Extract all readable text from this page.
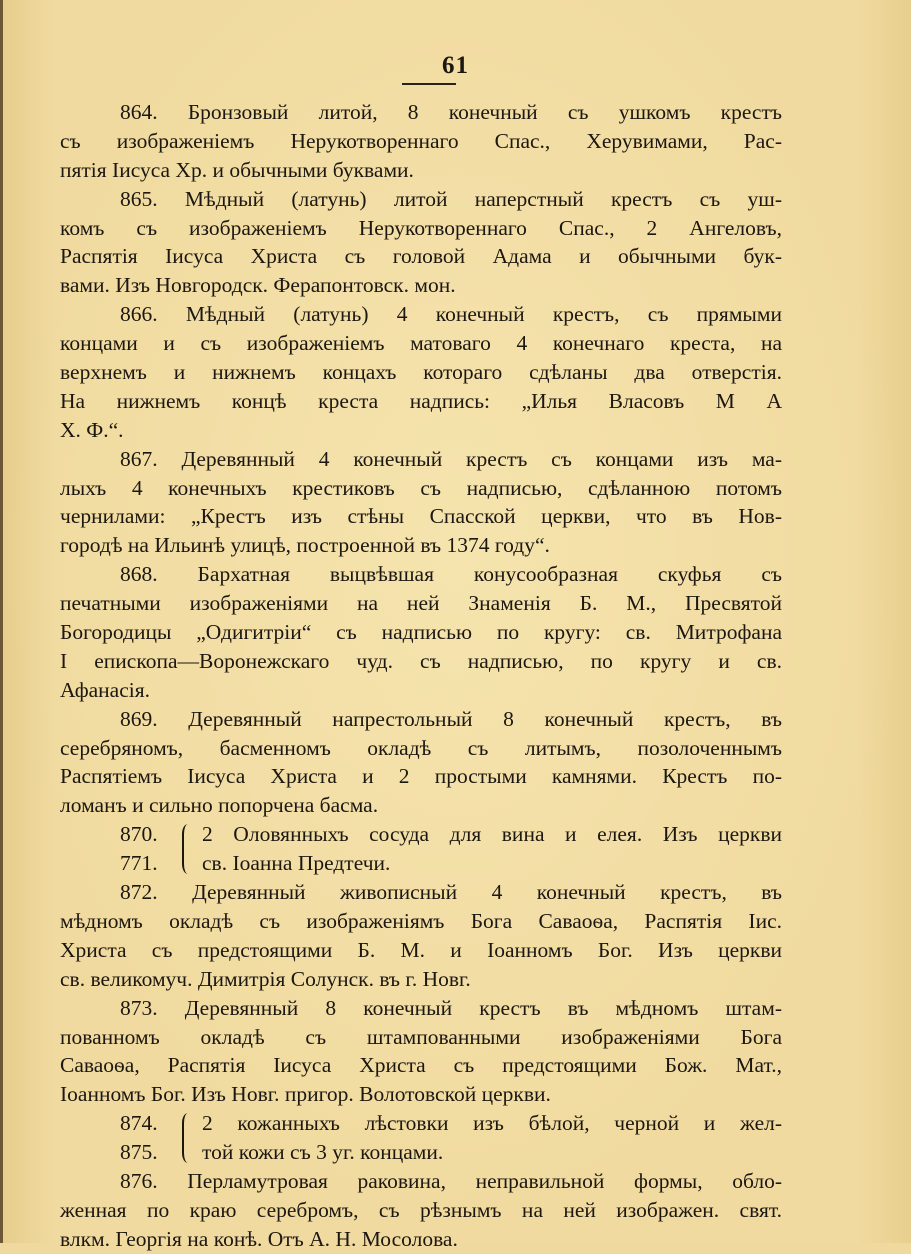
61
864. Бронзовый литой, 8 конечный съ ушкомъ крестъ
съ изображеніемъ Нерукотвореннаго Спас., Херувимами, Рас-
пятія Іисуса Хр. и обычными буквами.
865. Мѣдный (латунь) литой наперстный крестъ съ уш-
комъ съ изображеніемъ Нерукотвореннаго Спас., 2 Ангеловъ,
Распятія Іисуса Христа съ головой Адама и обычными бук-
вами. Изъ Новгородск. Ферапонтовск. мон.
866. Мѣдный (латунь) 4 конечный крестъ, съ прямыми
концами и съ изображеніемъ матоваго 4 конечнаго креста, на
верхнемъ и нижнемъ концахъ котораго сдѣланы два отверстія.
На нижнемъ концѣ креста надпись: „Илья Власовъ М А
Х. Ф.“.
867. Деревянный 4 конечный крестъ съ концами изъ ма-
лыхъ 4 конечныхъ крестиковъ съ надписью, сдѣланною потомъ
чернилами: „Крестъ изъ стѣны Спасской церкви, что въ Нов-
городѣ на Ильинѣ улицѣ, построенной въ 1374 году“.
868. Бархатная выцвѣвшая конусообразная скуфья съ
печатными изображеніями на ней Знаменія Б. М., Пресвятой
Богородицы „Одигитріи“ съ надписью по кругу: св. Митрофана
І епископа—Воронежскаго чуд. съ надписью, по кругу и св.
Афанасія.
869. Деревянный напрестольный 8 конечный крестъ, въ
серебряномъ, басменномъ окладѣ съ литымъ, позолоченнымъ
Распятіемъ Іисуса Христа и 2 простыми камнями. Крестъ по-
ломанъ и сильно попорчена басма.
870.
771.
2 Оловянныхъ сосуда для вина и елея. Изъ церкви
св. Іоанна Предтечи.
872. Деревянный живописный 4 конечный крестъ, въ
мѣдномъ окладѣ съ изображеніямъ Бога Саваоѳа, Распятія Іис.
Христа съ предстоящими Б. М. и Іоанномъ Бог. Изъ церкви
св. великомуч. Димитрія Солунск. въ г. Новг.
873. Деревянный 8 конечный крестъ въ мѣдномъ штам-
пованномъ окладѣ съ штампованными изображеніями Бога
Саваоѳа, Распятія Іисуса Христа съ предстоящими Бож. Мат.,
Іоанномъ Бог. Изъ Новг. пригор. Волотовской церкви.
874.
875.
2 кожанныхъ лѣстовки изъ бѣлой, черной и жел-
той кожи съ 3 уг. концами.
876. Перламутровая раковина, неправильной формы, обло-
женная по краю серебромъ, съ рѣзнымъ на ней изображен. свят.
влкм. Георгія на конѣ. Отъ А. Н. Мосолова.
